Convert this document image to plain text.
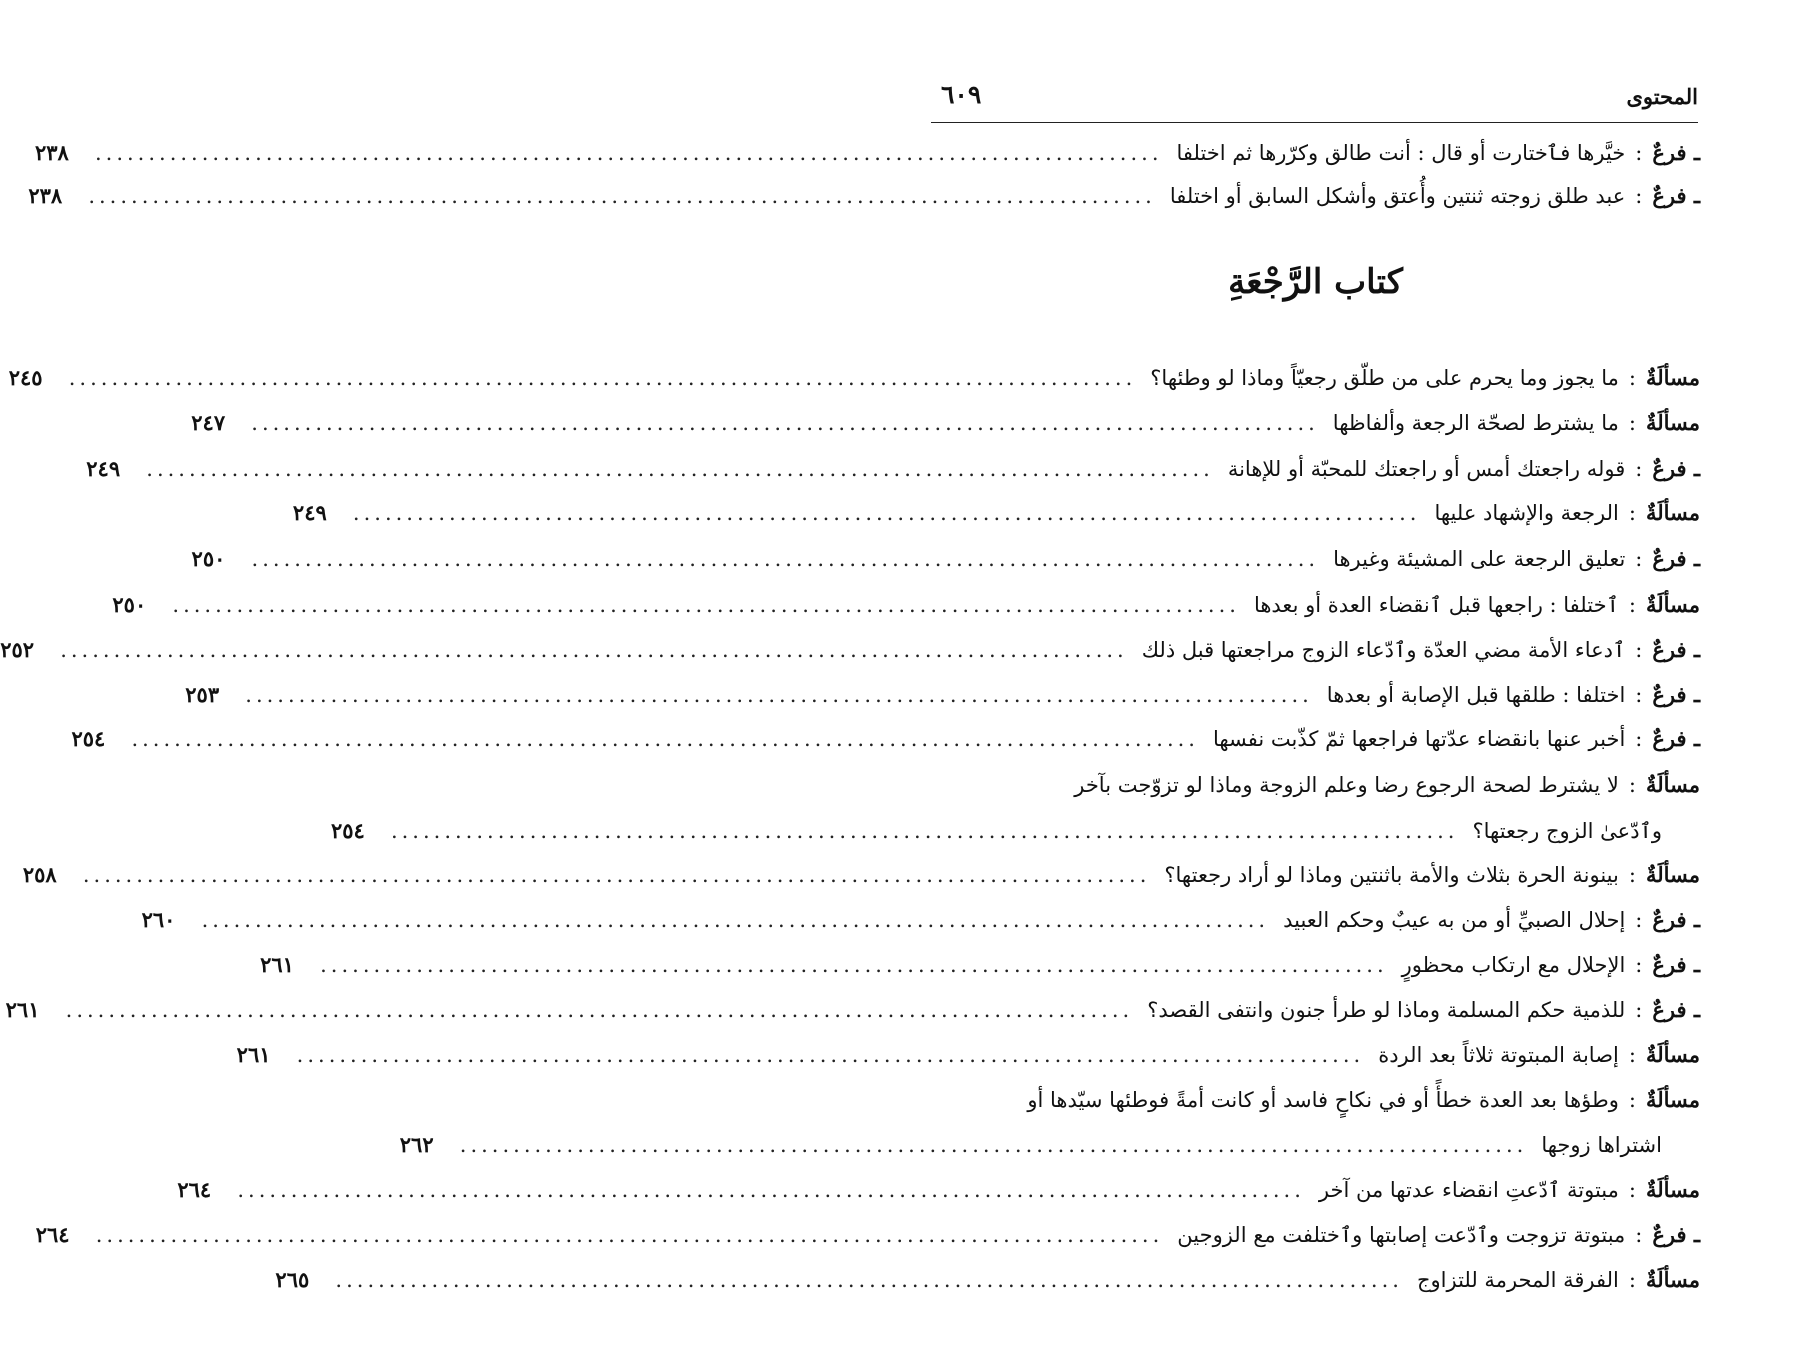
المحتوى
٦٠٩
ـ فرعٌ
:
خيَّرها فٱختارت أو قال : أنت طالق وكرّرها ثم اختلفا
....................................................................................................
٢٣٨
ـ فرعٌ
:
عبد طلق زوجته ثنتين وأُعتق وأشكل السابق أو اختلفا
....................................................................................................
٢٣٨
كتاب الرَّجْعَةِ
مسألَةٌ
:
ما يجوز وما يحرم على من طلّق رجعيّاً وماذا لو وطئها؟
....................................................................................................
٢٤٥
مسألَةٌ
:
ما يشترط لصحّة الرجعة وألفاظها
....................................................................................................
٢٤٧
ـ فرعٌ
:
قوله راجعتك أمس أو راجعتك للمحبّة أو للإهانة
....................................................................................................
٢٤٩
مسألَةٌ
:
الرجعة والإشهاد عليها
....................................................................................................
٢٤٩
ـ فرعٌ
:
تعليق الرجعة على المشيئة وغيرها
....................................................................................................
٢٥٠
مسألَةٌ
:
ٱختلفا : راجعها قبل ٱنقضاء العدة أو بعدها
....................................................................................................
٢٥٠
ـ فرعٌ
:
ٱدعاء الأمة مضي العدّة وٱدّعاء الزوج مراجعتها قبل ذلك
....................................................................................................
٢٥٢
ـ فرعٌ
:
اختلفا : طلقها قبل الإصابة أو بعدها
....................................................................................................
٢٥٣
ـ فرعٌ
:
أخبر عنها بانقضاء عدّتها فراجعها ثمّ كذّبت نفسها
....................................................................................................
٢٥٤
مسألَةٌ
:
لا يشترط لصحة الرجوع رضا وعلم الزوجة وماذا لو تزوّجت بآخر
وٱدّعىٰ الزوج رجعتها؟
....................................................................................................
٢٥٤
مسألَةٌ
:
بينونة الحرة بثلاث والأمة باثنتين وماذا لو أراد رجعتها؟
....................................................................................................
٢٥٨
ـ فرعٌ
:
إحلال الصبيِّ أو من به عيبٌ وحكم العبيد
....................................................................................................
٢٦٠
ـ فرعٌ
:
الإحلال مع ارتكاب محظورٍ
....................................................................................................
٢٦١
ـ فرعٌ
:
للذمية حكم المسلمة وماذا لو طرأ جنون وانتفى القصد؟
....................................................................................................
٢٦١
مسألَةٌ
:
إصابة المبتوتة ثلاثاً بعد الردة
....................................................................................................
٢٦١
مسألَةٌ
:
وطؤها بعد العدة خطأً أو في نكاحٍ فاسد أو كانت أمةً فوطئها سيّدها أو
اشتراها زوجها
....................................................................................................
٢٦٢
مسألَةٌ
:
مبتوتة ٱدّعتِ انقضاء عدتها من آخر
....................................................................................................
٢٦٤
ـ فرعٌ
:
مبتوتة تزوجت وٱدّعت إصابتها وٱختلفت مع الزوجين
....................................................................................................
٢٦٤
مسألَةٌ
:
الفرقة المحرمة للتزاوج
....................................................................................................
٢٦٥
